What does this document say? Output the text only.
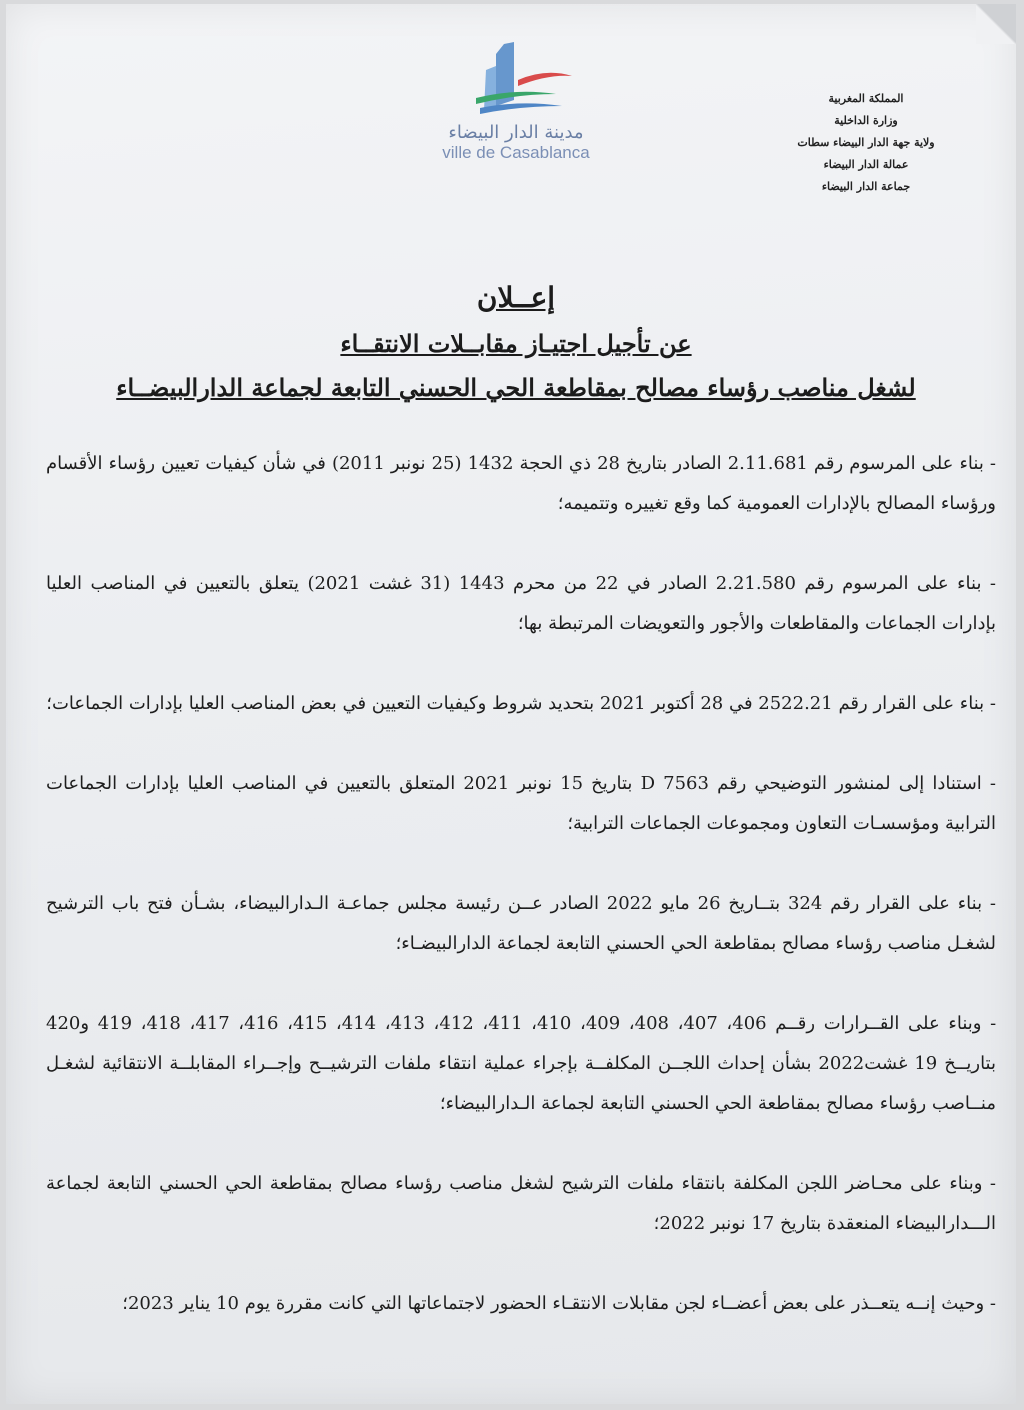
مدينة الدار البيضاء
ville de Casablanca
المملكة المغربية
وزارة الداخلية
ولاية جهة الدار البيضاء سطات
عمالة الدار البيضاء
جماعة الدار البيضاء
إعــلان
عن تأجيل اجتيـاز مقابــلات الانتقــاء
لشغل مناصب رؤساء مصالح بمقاطعة الحي الحسني التابعة لجماعة الدارالبيضــاء

- بناء على المرسوم رقم 2.11.681 الصادر بتاريخ 28 ذي الحجة 1432 (25 نونبر 2011) في شأن كيفيات تعيين رؤساء الأقسام ورؤساء المصالح بالإدارات العمومية كما وقع تغييره وتتميمه؛

- بناء على المرسوم رقم 2.21.580 الصادر في 22 من محرم 1443 (31 غشت 2021) يتعلق بالتعيين في المناصب العليا بإدارات الجماعات والمقاطعات والأجور والتعويضات المرتبطة بها؛

- بناء على القرار رقم 2522.21 في 28 أكتوبر 2021 بتحديد شروط وكيفيات التعيين في بعض المناصب العليا بإدارات الجماعات؛

- استنادا إلى لمنشور التوضيحي رقم D 7563 بتاريخ 15 نونبر 2021 المتعلق بالتعيين في المناصب العليا بإدارات الجماعات الترابية ومؤسسـات التعاون ومجموعات الجماعات الترابية؛

- بناء على القرار رقم 324 بتــاريخ 26 مايو 2022 الصادر عــن رئيسة مجلس جماعـة الـدارالبيضاء، بشـأن فتح باب الترشيح لشغـل مناصب رؤساء مصالح بمقاطعة الحي الحسني التابعة لجماعة الدارالبيضـاء؛

- وبناء على القــرارات رقــم 406، 407، 408، 409، 410، 411، 412، 413، 414، 415، 416، 417، 418، 419 و420 بتاريــخ 19 غشت2022 بشأن إحداث اللجــن المكلفــة بإجراء عملية انتقاء ملفات الترشيــح وإجــراء المقابلــة الانتقائية لشغـل منــاصب رؤساء مصالح بمقاطعة الحي الحسني التابعة لجماعة الـدارالبيضاء؛

- وبناء على محـاضر اللجن المكلفة بانتقاء ملفات الترشيح لشغل مناصب رؤساء مصالح بمقاطعة الحي الحسني التابعة لجماعة الـــدارالبيضاء المنعقدة بتاريخ 17 نونبر 2022؛

- وحيث إنــه يتعــذر على بعض أعضــاء لجن مقابلات الانتقـاء الحضور لاجتماعاتها التي كانت مقررة يوم 10 يناير 2023؛
